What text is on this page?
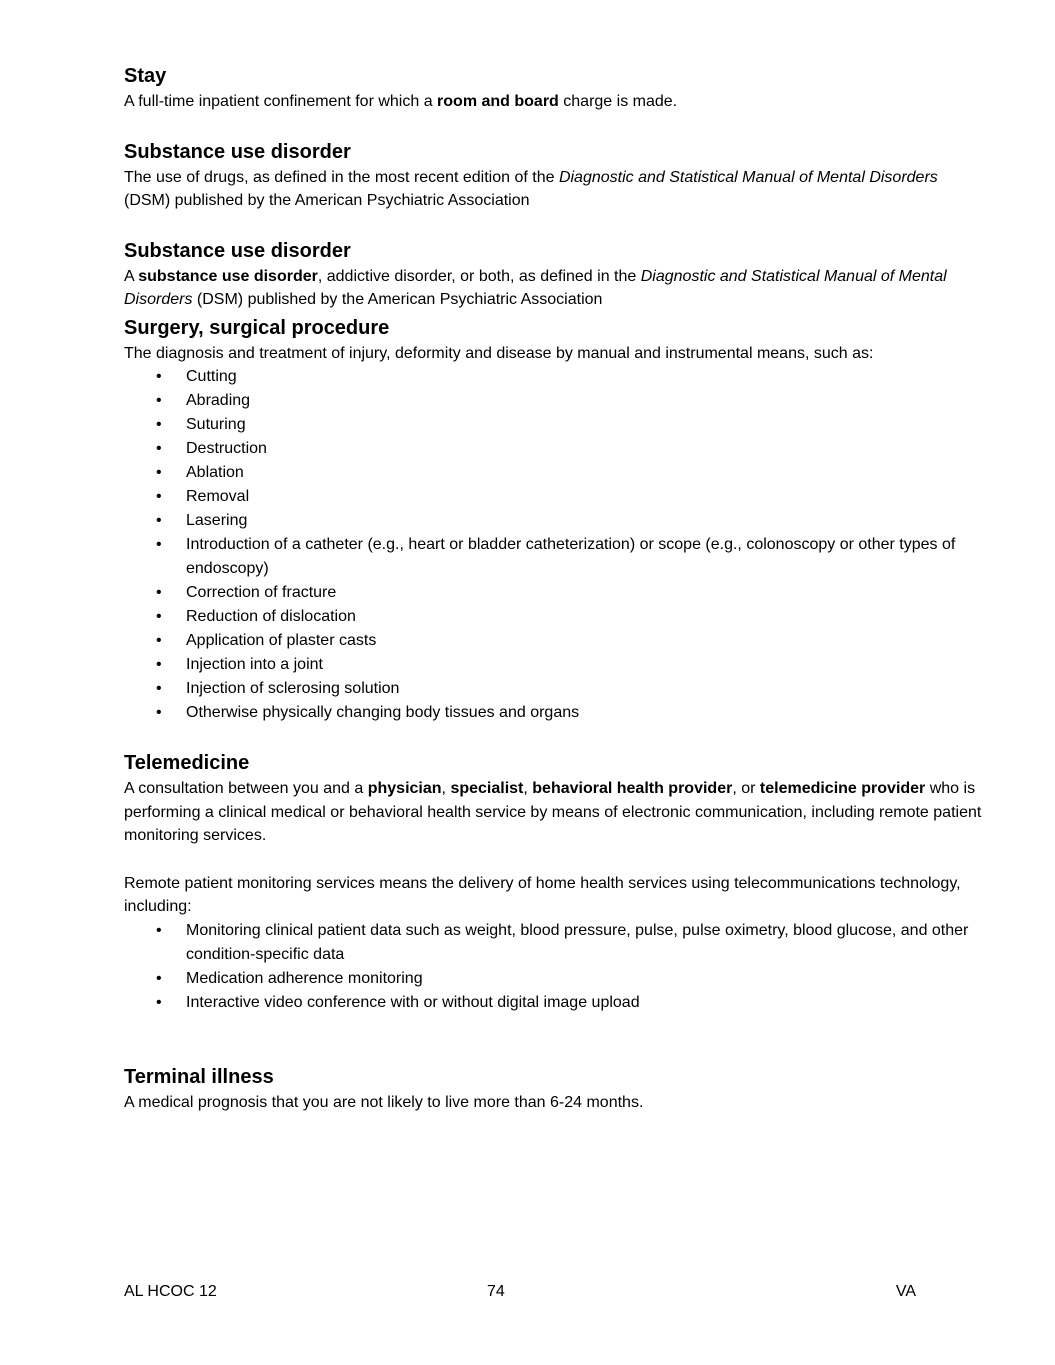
Stay

A full-time inpatient confinement for which a room and board charge is made.

Substance use disorder

The use of drugs, as defined in the most recent edition of the Diagnostic and Statistical Manual of Mental Disorders (DSM) published by the American Psychiatric Association

Substance use disorder

A substance use disorder, addictive disorder, or both, as defined in the Diagnostic and Statistical Manual of Mental Disorders (DSM) published by the American Psychiatric Association

Surgery, surgical procedure

The diagnosis and treatment of injury, deformity and disease by manual and instrumental means, such as:

• Cutting
• Abrading
• Suturing
• Destruction
• Ablation
• Removal
• Lasering
• Introduction of a catheter (e.g., heart or bladder catheterization) or scope (e.g., colonoscopy or other types of endoscopy)
• Correction of fracture
• Reduction of dislocation
• Application of plaster casts
• Injection into a joint
• Injection of sclerosing solution
• Otherwise physically changing body tissues and organs
Telemedicine

A consultation between you and a physician, specialist, behavioral health provider, or telemedicine provider who is performing a clinical medical or behavioral health service by means of electronic communication, including remote patient monitoring services.

Remote patient monitoring services means the delivery of home health services using telecommunications technology, including:

• Monitoring clinical patient data such as weight, blood pressure, pulse, pulse oximetry, blood glucose, and other condition-specific data
• Medication adherence monitoring
• Interactive video conference with or without digital image upload
Terminal illness

A medical prognosis that you are not likely to live more than 6-24 months.

AL HCOC 12	74	VA
